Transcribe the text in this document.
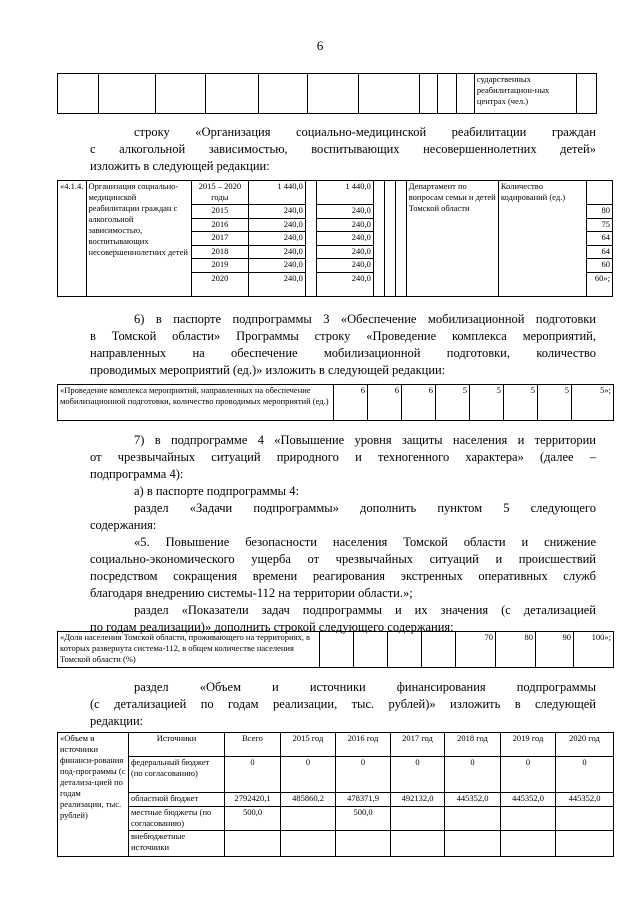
6
										сударственных реабилитацион-ных центрах (чел.)	
строку «Организация социально-медицинской реабилитации граждан
с алкогольной зависимостью, воспитывающих несовершеннолетних детей»
изложить в следующей редакции:
«4.1.4.	Организация социально-медицинской реабилитации граждан с алкогольной зависимостью, воспитывающих несовершеннолетних детей	2015 – 2020 годы	1 440,0		1 440,0				Департамент по вопросам семьи и детей Томской области	Количество кодирований (ед.)	
		2015	240,0		240,0						80
		2016	240,0		240,0						75
		2017	240,0		240,0						64
		2018	240,0		240,0						64
		2019	240,0		240,0						60
		2020	240,0		240,0						60»;
6) в паспорте подпрограммы 3 «Обеспечение мобилизационной подготовки
в Томской области» Программы строку «Проведение комплекса мероприятий,
направленных на обеспечение мобилизационной подготовки, количество
проводимых мероприятий (ед.)» изложить в следующей редакции:
«Проведение комплекса мероприятий, направленных на обеспечение мобилизационной подготовки, количество проводимых мероприятий (ед.)	6	6	6	5	5	5	5	5»;
7) в подпрограмме 4 «Повышение уровня защиты населения и территории
от чрезвычайных ситуаций природного и техногенного характера» (далее –
подпрограмма 4):
а) в паспорте подпрограммы 4:
раздел «Задачи подпрограммы» дополнить пунктом 5 следующего
содержания:
«5. Повышение безопасности населения Томской области и снижение
социально-экономического ущерба от чрезвычайных ситуаций и происшествий
посредством сокращения времени реагирования экстренных оперативных служб
благодаря внедрению системы-112 на территории области.»;
раздел «Показатели задач подпрограммы и их значения (с детализацией
по годам реализации)» дополнить строкой следующего содержания:
«Доля населения Томской области, проживающего на территориях, в которых развернута система-112, в общем количестве населения Томской области (%)					70	80	90	100»;
раздел «Объем и источники финансирования подпрограммы
(с детализацией по годам реализации, тыс. рублей)» изложить в следующей
редакции:
«Объем и источники финанси-рования под-программы (с детализа-цией по годам реализации, тыс. рублей)	Источники	Всего	2015 год	2016 год	2017 год	2018 год	2019 год	2020 год
	федеральный бюджет (по согласованию)	0	0	0	0	0	0	0
	областной бюджет	2792420,1	485860,2	478371,9	492132,0	445352,0	445352,0	445352,0
	местные бюджеты (по согласованию)	500,0		500,0				
	внебюджетные источники							
